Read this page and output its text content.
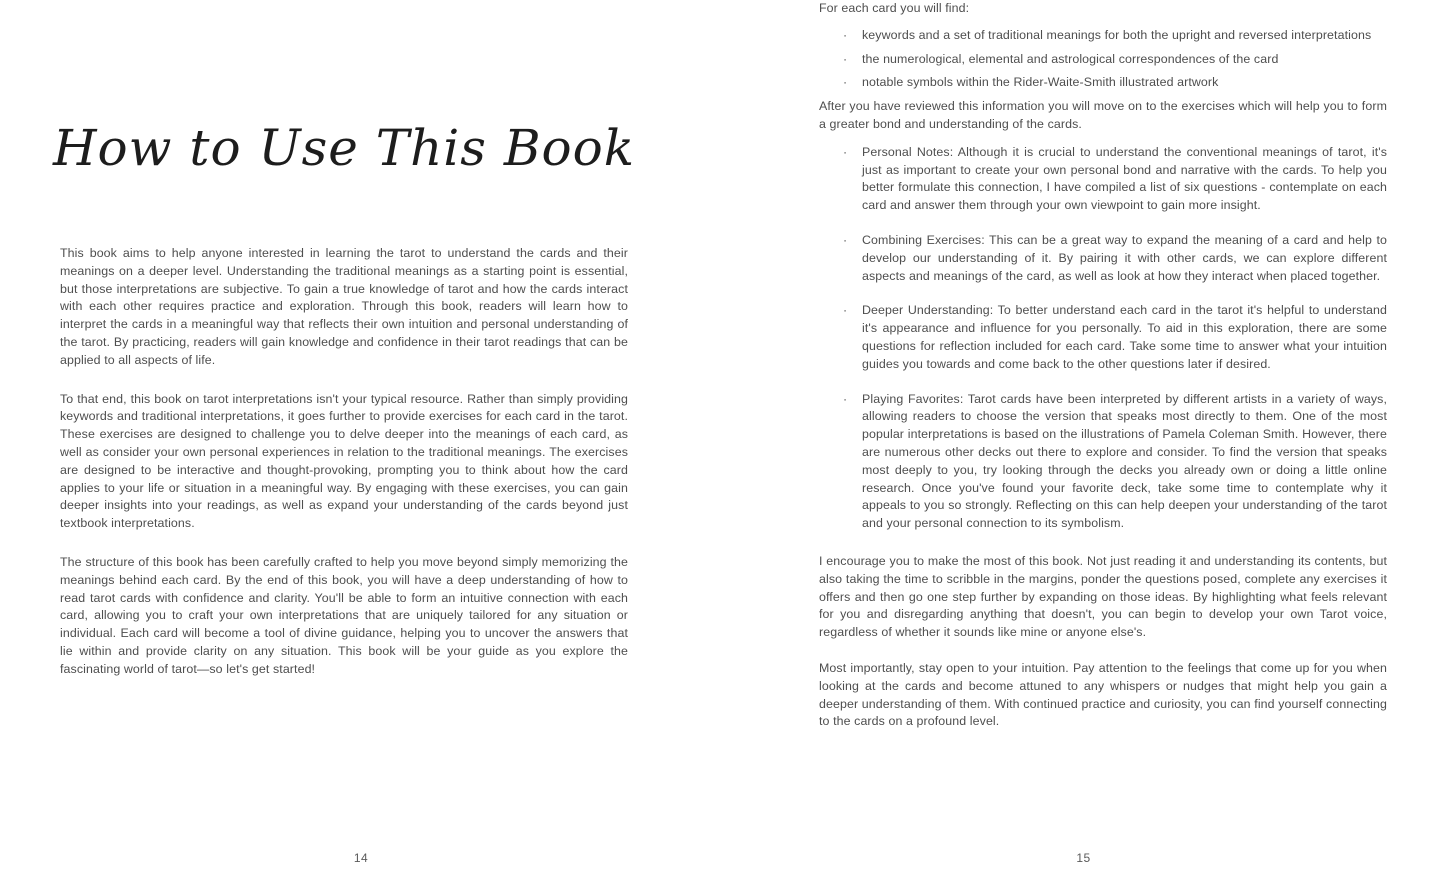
How to Use This Book

This book aims to help anyone interested in learning the tarot to understand the cards and their meanings on a deeper level. Understanding the traditional meanings as a starting point is essential, but those interpretations are subjective. To gain a true knowledge of tarot and how the cards interact with each other requires practice and exploration. Through this book, readers will learn how to interpret the cards in a meaningful way that reflects their own intuition and personal understanding of the tarot. By practicing, readers will gain knowledge and confidence in their tarot readings that can be applied to all aspects of life.

To that end, this book on tarot interpretations isn't your typical resource. Rather than simply providing keywords and traditional interpretations, it goes further to provide exercises for each card in the tarot. These exercises are designed to challenge you to delve deeper into the meanings of each card, as well as consider your own personal experiences in relation to the traditional meanings. The exercises are designed to be interactive and thought-provoking, prompting you to think about how the card applies to your life or situation in a meaningful way. By engaging with these exercises, you can gain deeper insights into your readings, as well as expand your understanding of the cards beyond just textbook interpretations.

The structure of this book has been carefully crafted to help you move beyond simply memorizing the meanings behind each card. By the end of this book, you will have a deep understanding of how to read tarot cards with confidence and clarity. You'll be able to form an intuitive connection with each card, allowing you to craft your own interpretations that are uniquely tailored for any situation or individual. Each card will become a tool of divine guidance, helping you to uncover the answers that lie within and provide clarity on any situation. This book will be your guide as you explore the fascinating world of tarot—so let's get started!

14

For each card you will find:

·	keywords and a set of traditional meanings for both the upright and reversed interpretations
·	the numerological, elemental and astrological correspondences of the card
·	notable symbols within the Rider-Waite-Smith illustrated artwork

After you have reviewed this information you will move on to the exercises which will help you to form a greater bond and understanding of the cards.

·	Personal Notes: Although it is crucial to understand the conventional meanings of tarot, it's just as important to create your own personal bond and narrative with the cards. To help you better formulate this connection, I have compiled a list of six questions - contemplate on each card and answer them through your own viewpoint to gain more insight.
·	Combining Exercises: This can be a great way to expand the meaning of a card and help to develop our understanding of it. By pairing it with other cards, we can explore different aspects and meanings of the card, as well as look at how they interact when placed together.
·	Deeper Understanding: To better understand each card in the tarot it's helpful to understand it's appearance and influence for you personally. To aid in this exploration, there are some questions for reflection included for each card. Take some time to answer what your intuition guides you towards and come back to the other questions later if desired.
·	Playing Favorites: Tarot cards have been interpreted by different artists in a variety of ways, allowing readers to choose the version that speaks most directly to them. One of the most popular interpretations is based on the illustrations of Pamela Coleman Smith. However, there are numerous other decks out there to explore and consider. To find the version that speaks most deeply to you, try looking through the decks you already own or doing a little online research. Once you've found your favorite deck, take some time to contemplate why it appeals to you so strongly. Reflecting on this can help deepen your understanding of the tarot and your personal connection to its symbolism.

I encourage you to make the most of this book. Not just reading it and understanding its contents, but also taking the time to scribble in the margins, ponder the questions posed, complete any exercises it offers and then go one step further by expanding on those ideas. By highlighting what feels relevant for you and disregarding anything that doesn't, you can begin to develop your own Tarot voice, regardless of whether it sounds like mine or anyone else's.

Most importantly, stay open to your intuition. Pay attention to the feelings that come up for you when looking at the cards and become attuned to any whispers or nudges that might help you gain a deeper understanding of them. With continued practice and curiosity, you can find yourself connecting to the cards on a profound level.

15
